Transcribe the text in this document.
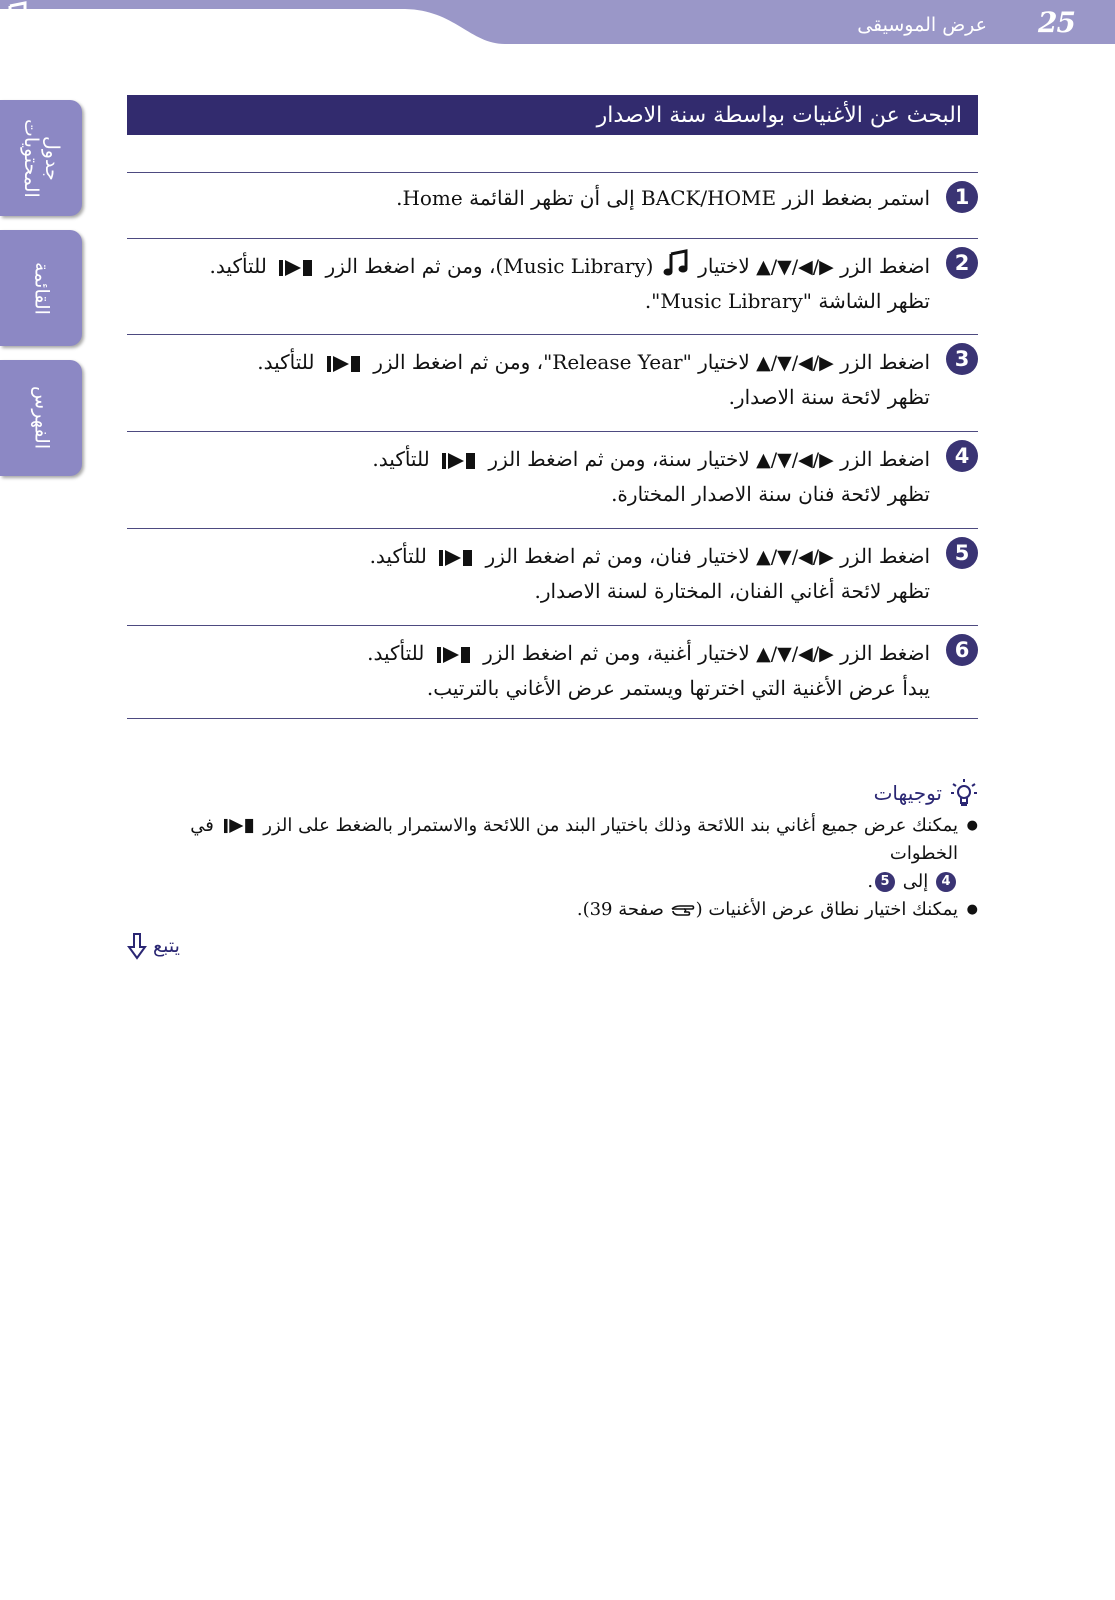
25
عرض الموسيقى
جدول المحتويات
القائمة
الفهرس
البحث عن الأغنيات بواسطة سنة الاصدار
1
استمر بضغط الزر BACK/HOME إلى أن تظهر القائمة Home.
2
اضغط الزر ▶/◀/▼/▲ لاختيار  (Music Library)، ومن ثم اضغط الزر  للتأكيد.
تظهر الشاشة "Music Library".
3
اضغط الزر ▶/◀/▼/▲ لاختيار "Release Year"، ومن ثم اضغط الزر  للتأكيد.
تظهر لائحة سنة الاصدار.
4
اضغط الزر ▶/◀/▼/▲ لاختيار سنة، ومن ثم اضغط الزر  للتأكيد.
تظهر لائحة فنان سنة الاصدار المختارة.
5
اضغط الزر ▶/◀/▼/▲ لاختيار فنان، ومن ثم اضغط الزر  للتأكيد.
تظهر لائحة أغاني الفنان، المختارة لسنة الاصدار.
6
اضغط الزر ▶/◀/▼/▲ لاختيار أغنية، ومن ثم اضغط الزر  للتأكيد.
يبدأ عرض الأغنية التي اخترتها ويستمر عرض الأغاني بالترتيب.
توجيهات
● يمكنك عرض جميع أغاني بند اللائحة وذلك باختيار البند من اللائحة والاستمرار بالضغط على الزر  في الخطوات
4 إلى 5.
● يمكنك اختيار نطاق عرض الأغنيات ( صفحة 39).
يتبع
